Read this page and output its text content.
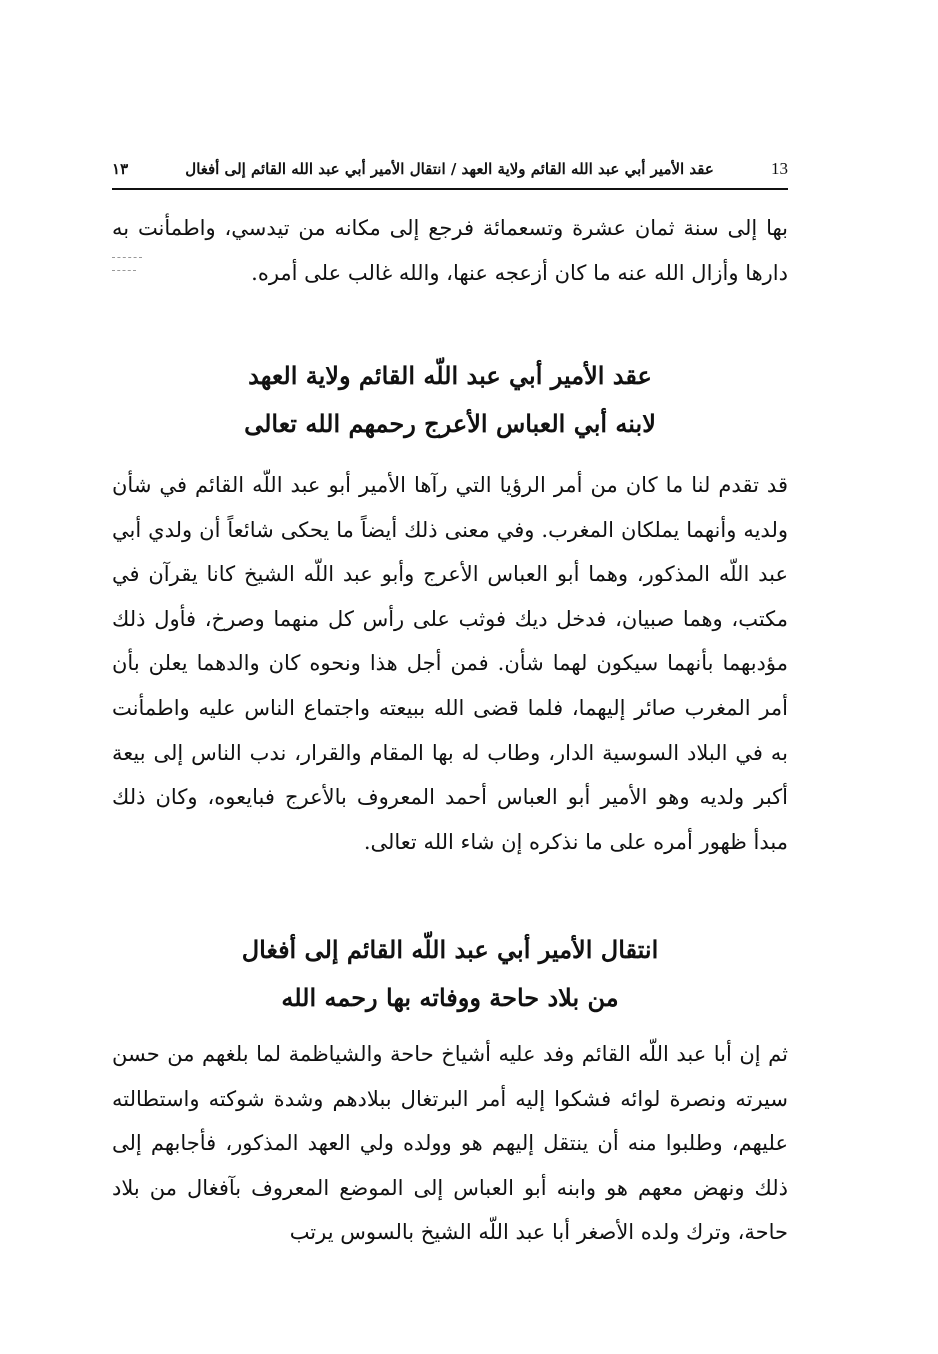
13
عقد الأمير أبي عبد الله القائم ولاية العهد / انتقال الأمير أبي عبد الله القائم إلى أفغال
١٣
بها إلى سنة ثمان عشرة وتسعمائة فرجع إلى مكانه من تيدسي، واطمأنت به دارها وأزال الله عنه ما كان أزعجه عنها، والله غالب على أمره.
عقد الأمير أبي عبد اللّه القائم ولاية العهد
لابنه أبي العباس الأعرج رحمهم الله تعالى
قد تقدم لنا ما كان من أمر الرؤيا التي رآها الأمير أبو عبد اللّه القائم في شأن ولديه وأنهما يملكان المغرب. وفي معنى ذلك أيضاً ما يحكى شائعاً أن ولدي أبي عبد اللّه المذكور، وهما أبو العباس الأعرج وأبو عبد اللّه الشيخ كانا يقرآن في مكتب، وهما صبيان، فدخل ديك فوثب على رأس كل منهما وصرخ، فأول ذلك مؤدبهما بأنهما سيكون لهما شأن. فمن أجل هذا ونحوه كان والدهما يعلن بأن أمر المغرب صائر إليهما، فلما قضى الله ببيعته واجتماع الناس عليه واطمأنت به في البلاد السوسية الدار، وطاب له بها المقام والقرار، ندب الناس إلى بيعة أكبر ولديه وهو الأمير أبو العباس أحمد المعروف بالأعرج فبايعوه، وكان ذلك مبدأ ظهور أمره على ما نذكره إن شاء الله تعالى.
انتقال الأمير أبي عبد اللّه القائم إلى أفغال
من بلاد حاحة ووفاته بها رحمه الله
ثم إن أبا عبد اللّه القائم وفد عليه أشياخ حاحة والشياظمة لما بلغهم من حسن سيرته ونصرة لوائه فشكوا إليه أمر البرتغال ببلادهم وشدة شوكته واستطالته عليهم، وطلبوا منه أن ينتقل إليهم هو وولده ولي العهد المذكور، فأجابهم إلى ذلك ونهض معهم هو وابنه أبو العباس إلى الموضع المعروف بآفغال من بلاد حاحة، وترك ولده الأصغر أبا عبد اللّه الشيخ بالسوس يرتب
